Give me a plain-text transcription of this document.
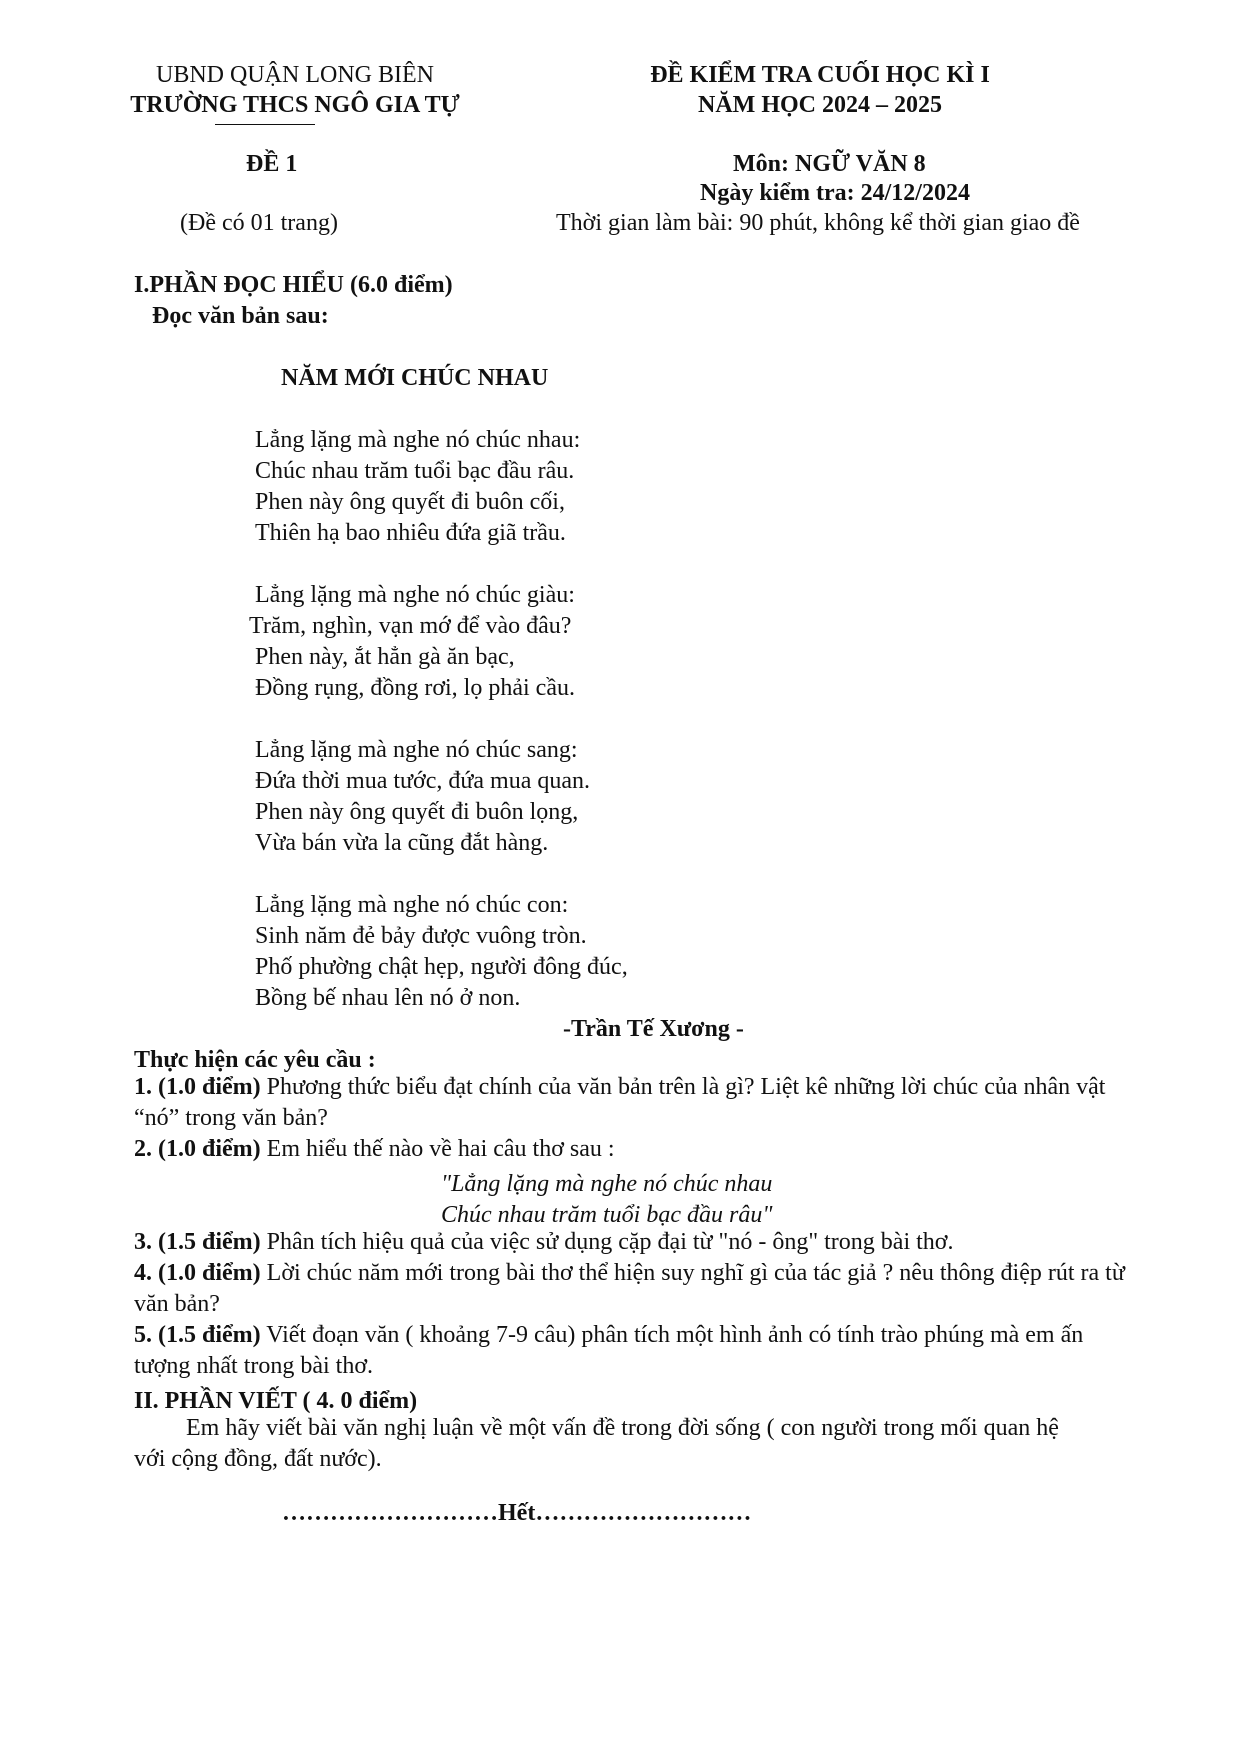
UBND QUẬN LONG BIÊN
TRƯỜNG THCS NGÔ GIA TỰ
ĐỀ KIỂM TRA CUỐI HỌC KÌ I
NĂM HỌC 2024 – 2025
ĐỀ 1
(Đề có 01 trang)
Môn: NGỮ VĂN 8
Ngày kiểm tra: 24/12/2024
Thời gian làm bài: 90 phút, không kể thời gian giao đề
I.PHẦN ĐỌC HIỂU (6.0 điểm)
Đọc văn bản sau:
NĂM MỚI CHÚC NHAU
Lẳng lặng mà nghe nó chúc nhau:
Chúc nhau trăm tuổi bạc đầu râu.
Phen này ông quyết đi buôn cối,
Thiên hạ bao nhiêu đứa giã trầu.
Lẳng lặng mà nghe nó chúc giàu:
Trăm, nghìn, vạn mớ để vào đâu?
Phen này, ắt hẳn gà ăn bạc,
Đồng rụng, đồng rơi, lọ phải cầu.
Lẳng lặng mà nghe nó chúc sang:
Đứa thời mua tước, đứa mua quan.
Phen này ông quyết đi buôn lọng,
Vừa bán vừa la cũng đắt hàng.
Lẳng lặng mà nghe nó chúc con:
Sinh năm đẻ bảy được vuông tròn.
Phố phường chật hẹp, người đông đúc,
Bồng bế nhau lên nó ở non.
-Trần Tế Xương -
Thực hiện các yêu cầu :
1. (1.0 điểm) Phương thức biểu đạt chính của văn bản trên là gì? Liệt kê những lời chúc của nhân vật “nó” trong văn bản?
2. (1.0 điểm) Em hiểu thế nào về hai câu thơ sau :
"Lẳng lặng mà nghe nó chúc nhau
Chúc nhau trăm tuổi bạc đầu râu"
3. (1.5 điểm) Phân tích hiệu quả của việc sử dụng cặp đại từ "nó - ông" trong bài thơ.
4. (1.0 điểm) Lời chúc năm mới trong bài thơ thể hiện suy nghĩ gì của tác giả ? nêu thông điệp rút ra từ văn bản?
5. (1.5 điểm) Viết đoạn văn ( khoảng 7-9 câu) phân tích một hình ảnh có tính trào phúng mà em ấn tượng nhất trong bài thơ.
II. PHẦN VIẾT ( 4. 0 điểm)
Em hãy viết bài văn nghị luận về một vấn đề trong đời sống ( con người trong mối quan hệ với cộng đồng, đất nước).
………………………Hết………………………
